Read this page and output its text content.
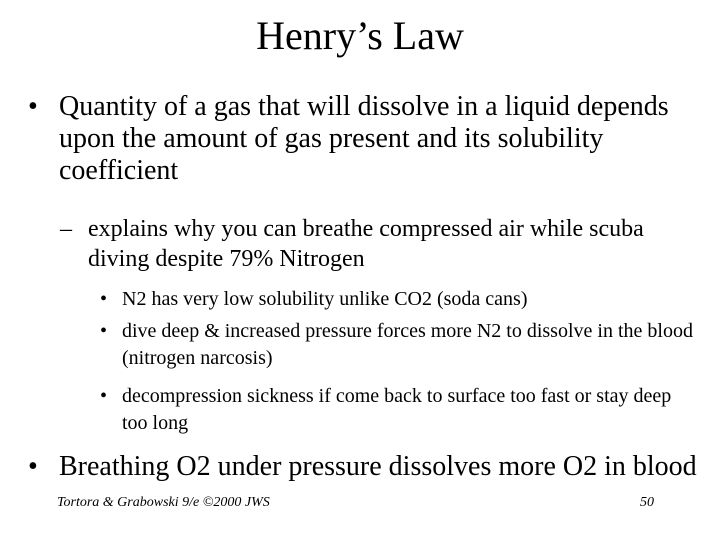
Henry’s Law
• Quantity of a gas that will dissolve in a liquid depends upon the amount of gas present and its solubility coefficient
– explains why you can breathe compressed air while scuba diving despite 79% Nitrogen
• N2 has very low solubility unlike CO2 (soda cans)
• dive deep & increased pressure forces more N2 to dissolve in the blood (nitrogen narcosis)
• decompression sickness if come back to surface too fast or stay deep too long
• Breathing O2 under pressure dissolves more O2 in blood
Tortora & Grabowski 9/e ©2000 JWS	50
